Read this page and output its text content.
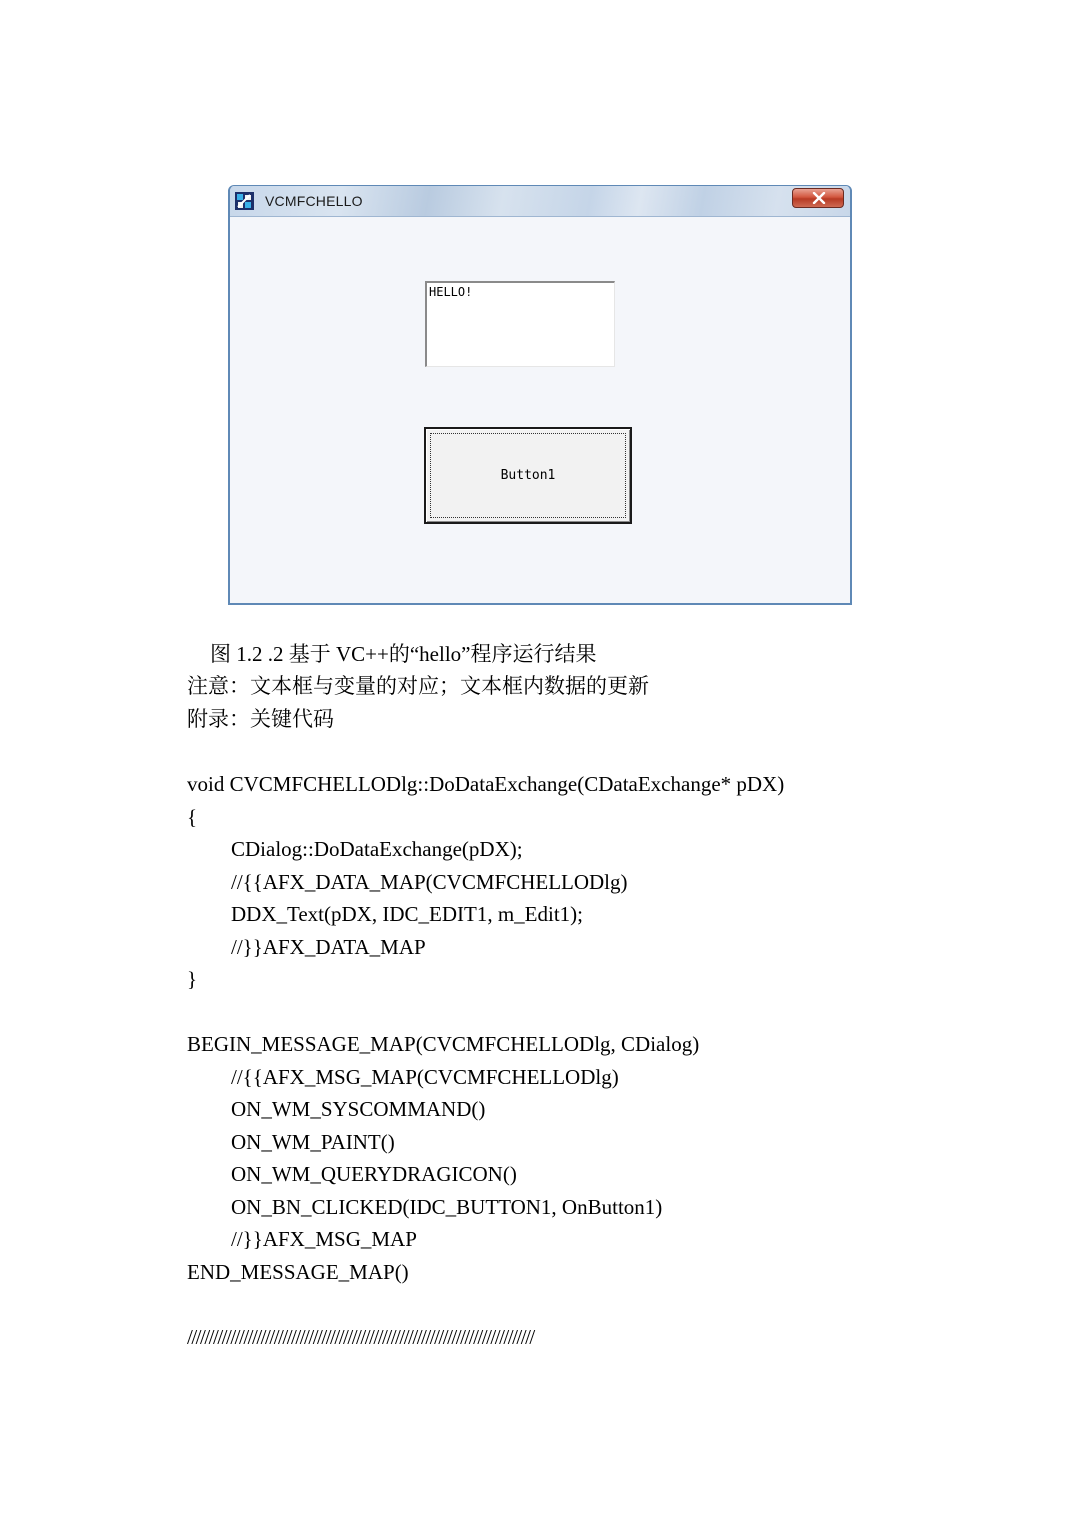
VCMFCHELLO
HELLO!
Button1
图 1.2 .2 基于 VC++的“hello”程序运行结果
注意：文本框与变量的对应；文本框内数据的更新
附录：关键代码
void CVCMFCHELLODlg::DoDataExchange(CDataExchange* pDX)
{
CDialog::DoDataExchange(pDX);
//{{AFX_DATA_MAP(CVCMFCHELLODlg)
DDX_Text(pDX, IDC_EDIT1, m_Edit1);
//}}AFX_DATA_MAP
}
BEGIN_MESSAGE_MAP(CVCMFCHELLODlg, CDialog)
//{{AFX_MSG_MAP(CVCMFCHELLODlg)
ON_WM_SYSCOMMAND()
ON_WM_PAINT()
ON_WM_QUERYDRAGICON()
ON_BN_CLICKED(IDC_BUTTON1, OnButton1)
//}}AFX_MSG_MAP
END_MESSAGE_MAP()
////////////////////////////////////////////////////////////////////////////////
